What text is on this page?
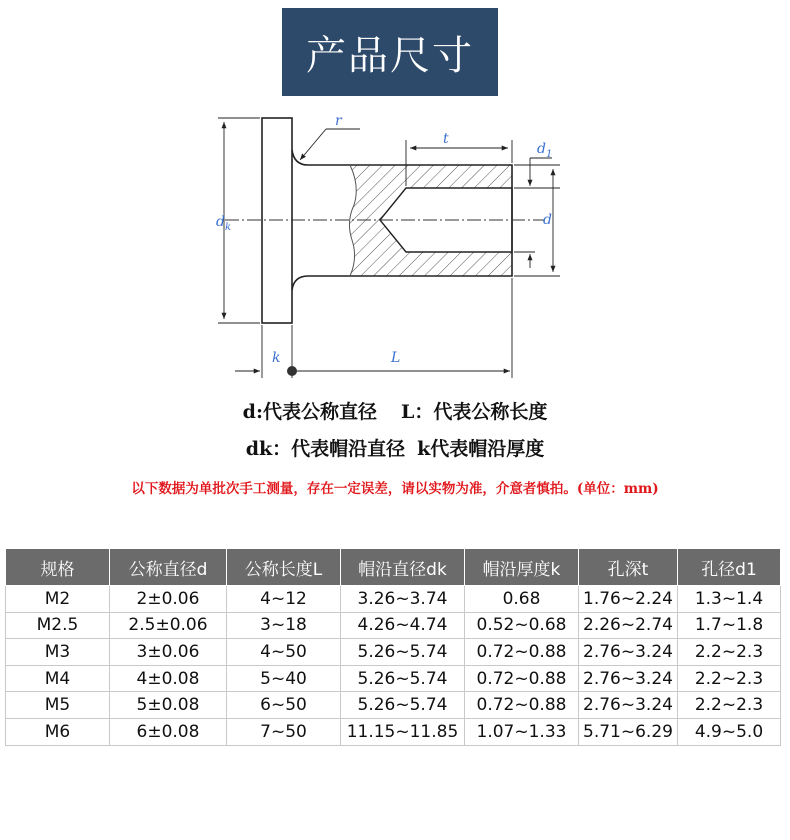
产品尺寸
$d_k$
r
t
$d_1$
d
k	L
d:代表公称直径 L：代表公称长度
dk：代表帽沿直径 k代表帽沿厚度
以下数据为单批次手工测量，存在一定误差，请以实物为准，介意者慎拍。(单位：mm)
规格	公称直径d	公称长度L	帽沿直径dk	帽沿厚度k	孔深t	孔径d1
M2	2±0.06	4~12	3.26~3.74	0.68	1.76~2.24	1.3~1.4
M2.5	2.5±0.06	3~18	4.26~4.74	0.52~0.68	2.26~2.74	1.7~1.8
M3	3±0.06	4~50	5.26~5.74	0.72~0.88	2.76~3.24	2.2~2.3
M4	4±0.08	5~40	5.26~5.74	0.72~0.88	2.76~3.24	2.2~2.3
M5	5±0.08	6~50	5.26~5.74	0.72~0.88	2.76~3.24	2.2~2.3
M6	6±0.08	7~50	11.15~11.85	1.07~1.33	5.71~6.29	4.9~5.0
